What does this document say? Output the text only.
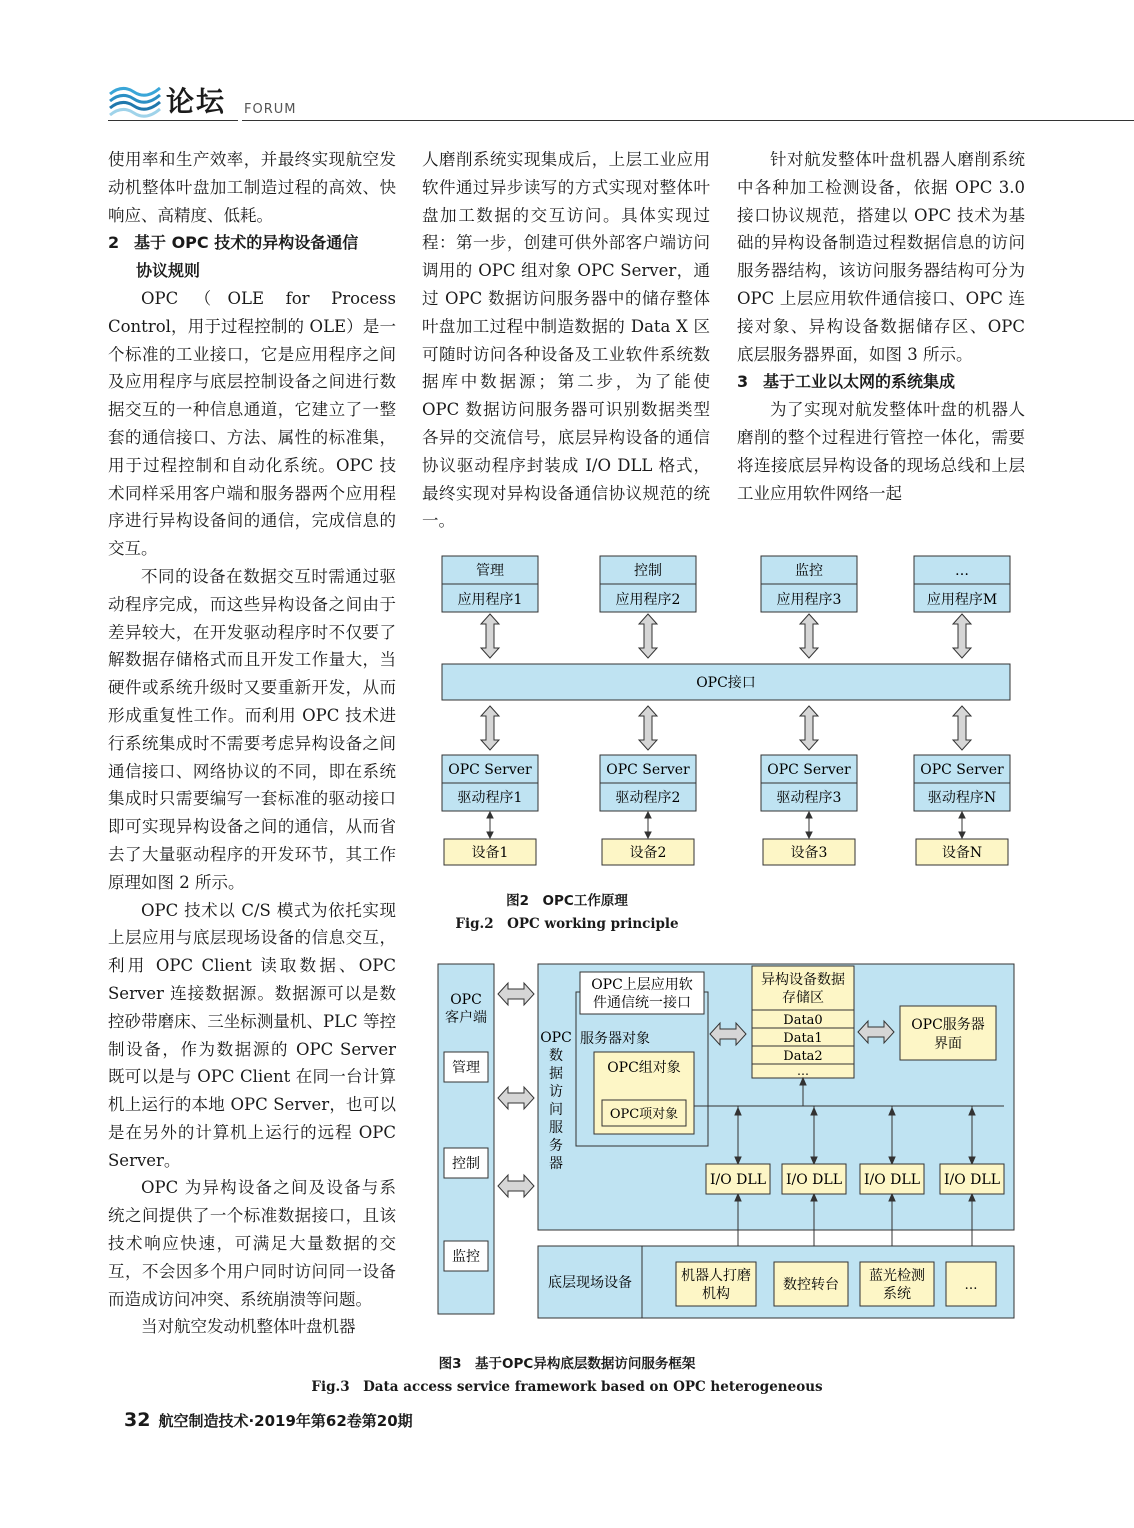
论坛 FORUM

使用率和生产效率，并最终实现航空发动机整体叶盘加工制造过程的高效、快响应、高精度、低耗。

2 基于 OPC 技术的异构设备通信
协议规则

OPC（OLE for Process Control，用于过程控制的 OLE）是一个标准的工业接口，它是应用程序之间及应用程序与底层控制设备之间进行数据交互的一种信息通道，它建立了一整套的通信接口、方法、属性的标准集，用于过程控制和自动化系统。OPC 技术同样采用客户端和服务器两个应用程序进行异构设备间的通信，完成信息的交互。

不同的设备在数据交互时需通过驱动程序完成，而这些异构设备之间由于差异较大，在开发驱动程序时不仅要了解数据存储格式而且开发工作量大，当硬件或系统升级时又要重新开发，从而形成重复性工作。而利用 OPC 技术进行系统集成时不需要考虑异构设备之间通信接口、网络协议的不同，即在系统集成时只需要编写一套标准的驱动接口即可实现异构设备之间的通信，从而省去了大量驱动程序的开发环节，其工作原理如图 2 所示。

OPC 技术以 C/S 模式为依托实现上层应用与底层现场设备的信息交互，利用 OPC Client 读取数据、OPC Server 连接数据源。数据源可以是数控砂带磨床、三坐标测量机、PLC 等控制设备，作为数据源的 OPC Server 既可以是与 OPC Client 在同一台计算机上运行的本地 OPC Server，也可以是在另外的计算机上运行的远程 OPC Server。

OPC 为异构设备之间及设备与系统之间提供了一个标准数据接口，且该技术响应快速，可满足大量数据的交互，不会因多个用户同时访问同一设备而造成访问冲突、系统崩溃等问题。

当对航空发动机整体叶盘机器

人磨削系统实现集成后，上层工业应用软件通过异步读写的方式实现对整体叶盘加工数据的交互访问。具体实现过程：第一步，创建可供外部客户端访问调用的 OPC 组对象 OPC Server，通过 OPC 数据访问服务器中的储存整体叶盘加工过程中制造数据的 Data X 区可随时访问各种设备及工业软件系统数据库中数据源；第二步，为了能使 OPC 数据访问服务器可识别数据类型各异的交流信号，底层异构设备的通信协议驱动程序封装成 I/O DLL 格式，最终实现对异构设备通信协议规范的统一。

针对航发整体叶盘机器人磨削系统中各种加工检测设备，依据 OPC 3.0 接口协议规范，搭建以 OPC 技术为基础的异构设备制造过程数据信息的访问服务器结构，该访问服务器结构可分为 OPC 上层应用软件通信接口、OPC 连接对象、异构设备数据储存区、OPC 底层服务器界面，如图 3 所示。

3 基于工业以太网的系统集成

为了实现对航发整体叶盘的机器人磨削的整个过程进行管控一体化，需要将连接底层异构设备的现场总线和上层工业应用软件网络一起

管理
应用程序1
控制
应用程序2
监控
应用程序3
…
应用程序M
OPC接口
OPC Server
驱动程序1
OPC Server
驱动程序2
OPC Server
驱动程序3
OPC Server
驱动程序N
设备1	设备2	设备3	设备N
图2　OPC工作原理
Fig.2　OPC working principle
OPC
客户端
管理
控制
监控
OPC
数
据
访
问
服
务
器
服务器对象
OPC上层应用软
件通信统一接口
OPC组对象
OPC项对象
异构设备数据
存储区
Data0
Data1
Data2
…
OPC服务器
界面
I/O DLL I/O DLL I/O DLL I/O DLL
底层现场设备	机器人打磨
机构
数控转台
蓝光检测
系统
…
图3　基于OPC异构底层数据访问服务框架
Fig.3　Data access service framework based on OPC heterogeneous
32 航空制造技术·2019年第62卷第20期
